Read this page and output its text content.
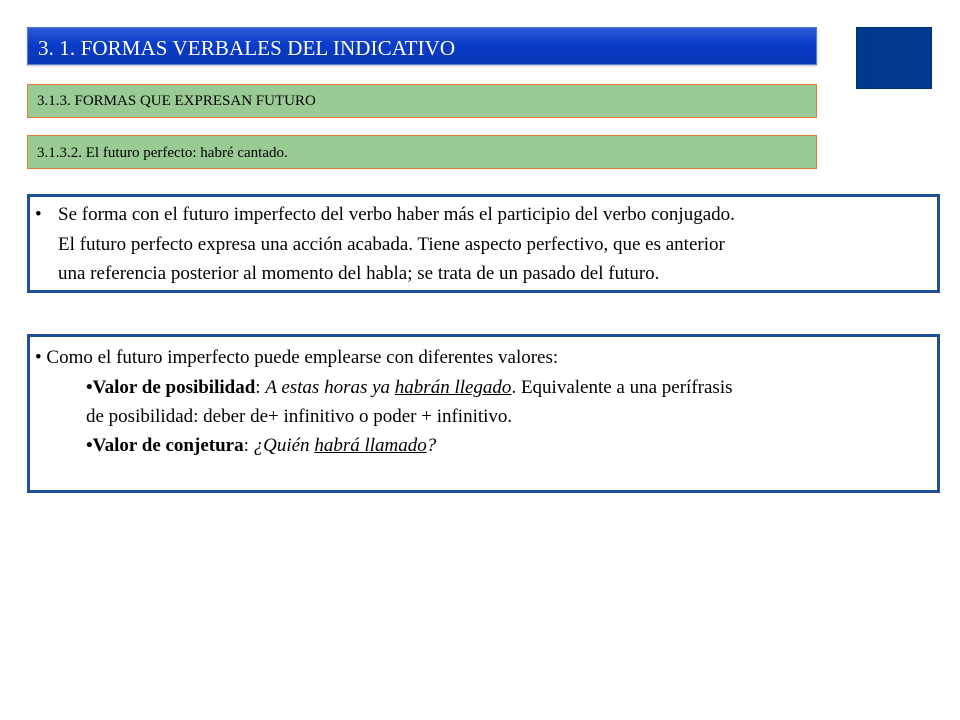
3. 1. FORMAS VERBALES DEL INDICATIVO
3.1.3. FORMAS QUE EXPRESAN FUTURO
3.1.3.2. El futuro perfecto: habré cantado.
• Se forma con el futuro imperfecto del verbo haber más el participio del verbo conjugado.
El futuro perfecto expresa una acción acabada. Tiene aspecto perfectivo, que es anterior
una referencia posterior al momento del habla; se trata de un pasado del futuro.
• Como el futuro imperfecto puede emplearse con diferentes valores:
•Valor de posibilidad: A estas horas ya habrán llegado. Equivalente a una perífrasis
de posibilidad: deber de+ infinitivo o poder + infinitivo.
•Valor de conjetura: ¿Quién habrá llamado?
